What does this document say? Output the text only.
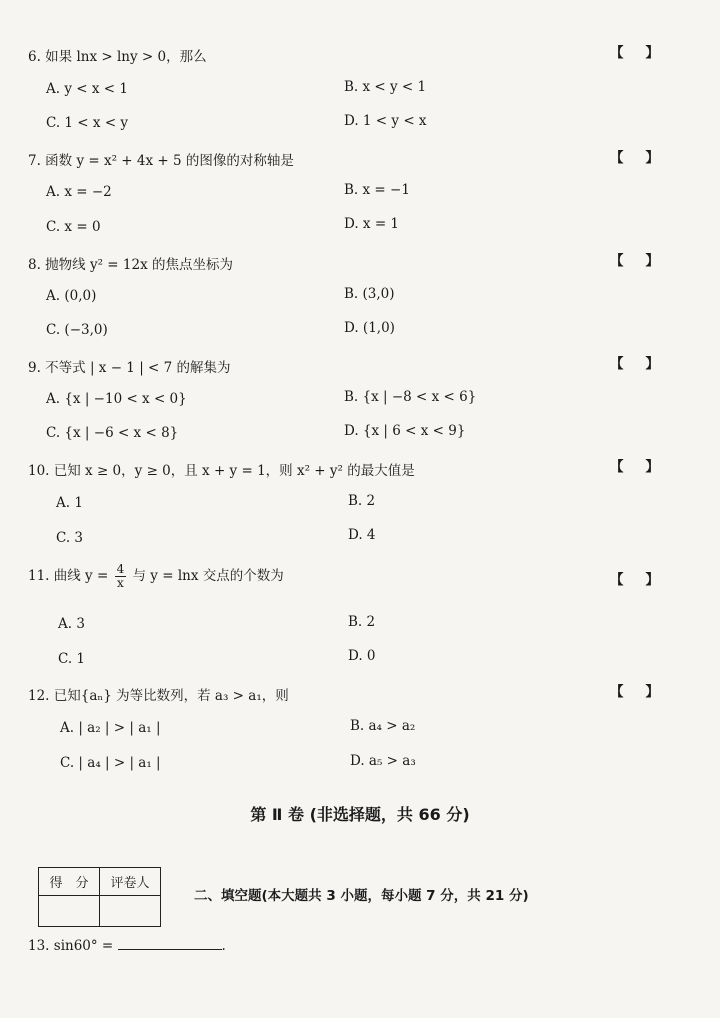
6. 如果 lnx > lny > 0，那么	【 】
A. y < x < 1	B. x < y < 1
C. 1 < x < y	D. 1 < y < x
7. 函数 y = x² + 4x + 5 的图像的对称轴是	【 】
A. x = −2	B. x = −1
C. x = 0	D. x = 1
8. 抛物线 y² = 12x 的焦点坐标为	【 】
A. (0,0)	B. (3,0)
C. (−3,0)	D. (1,0)
9. 不等式 | x − 1 | < 7 的解集为	【 】
A. {x | −10 < x < 0}	B. {x | −8 < x < 6}
C. {x | −6 < x < 8}	D. {x | 6 < x < 9}
10. 已知 x ≥ 0，y ≥ 0，且 x + y = 1，则 x² + y² 的最大值是	【 】
A. 1	B. 2
C. 3	D. 4
11. 曲线 $y = \frac{4}{x}$ 与 y = lnx 交点的个数为	【 】
A. 3	B. 2
C. 1	D. 0
12. 已知{aₙ} 为等比数列，若 a₃ > a₁，则	【 】
A. | a₂ | > | a₁ |	B. a₄ > a₂
C. | a₄ | > | a₁ |	D. a₅ > a₃
第 Ⅱ 卷 (非选择题，共 66 分)
得　分	评卷人

二、填空题(本大题共 3 小题，每小题 7 分，共 21 分)
13. sin60° =	.
